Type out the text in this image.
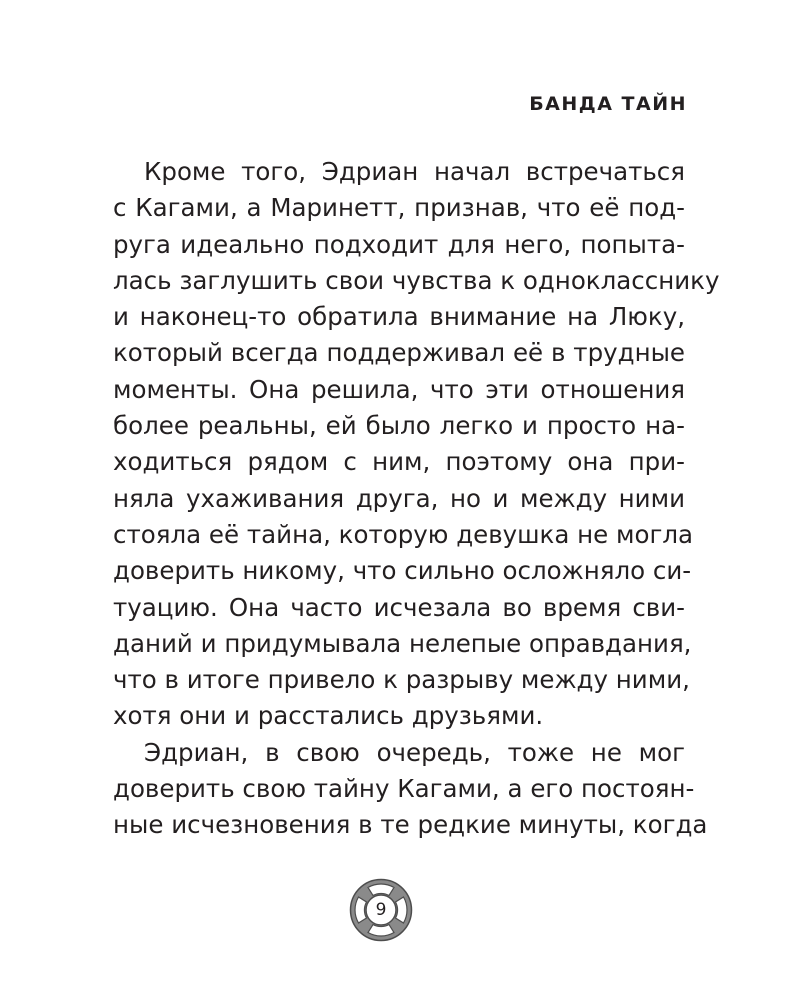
БАНДА ТАЙН
Кроме того, Эдриан начал встречаться
с Кагами, а Маринетт, признав, что её под-
руга идеально подходит для него, попыта-
лась заглушить свои чувства к однокласснику
и наконец-то обратила внимание на Люку,
который всегда поддерживал её в трудные
моменты. Она решила, что эти отношения
более реальны, ей было легко и просто на-
ходиться рядом с ним, поэтому она при-
няла ухаживания друга, но и между ними
стояла её тайна, которую девушка не могла
доверить никому, что сильно осложняло си-
туацию. Она часто исчезала во время сви-
даний и придумывала нелепые оправдания,
что в итоге привело к разрыву между ними,
хотя они и расстались друзьями.
Эдриан, в свою очередь, тоже не мог
доверить свою тайну Кагами, а его постоян-
ные исчезновения в те редкие минуты, когда
9
